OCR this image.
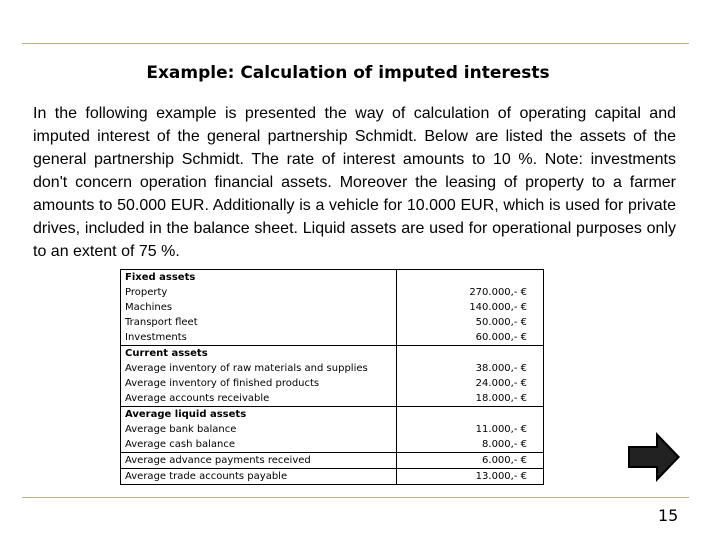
Example: Calculation of imputed interests
In the following example is presented the way of calculation of operating capital and imputed interest of the general partnership Schmidt. Below are listed the assets of the general partnership Schmidt. The rate of interest amounts to 10 %. Note: investments don't concern operation financial assets. Moreover the leasing of property to a farmer amounts to 50.000 EUR. Additionally is a vehicle for 10.000 EUR, which is used for private drives, included in the balance sheet. Liquid assets are used for operational purposes only to an extent of 75 %.
Fixed assets	
Property	270.000,- €
Machines	140.000,- €
Transport fleet	50.000,- €
Investments	60.000,- €
Current assets	
Average inventory of raw materials and supplies	38.000,- €
Average inventory of finished products	24.000,- €
Average accounts receivable	18.000,- €
Average liquid assets	
Average bank balance	11.000,- €
Average cash balance	8.000,- €
Average advance payments received	6.000,- €
Average trade accounts payable	13.000,- €
15
